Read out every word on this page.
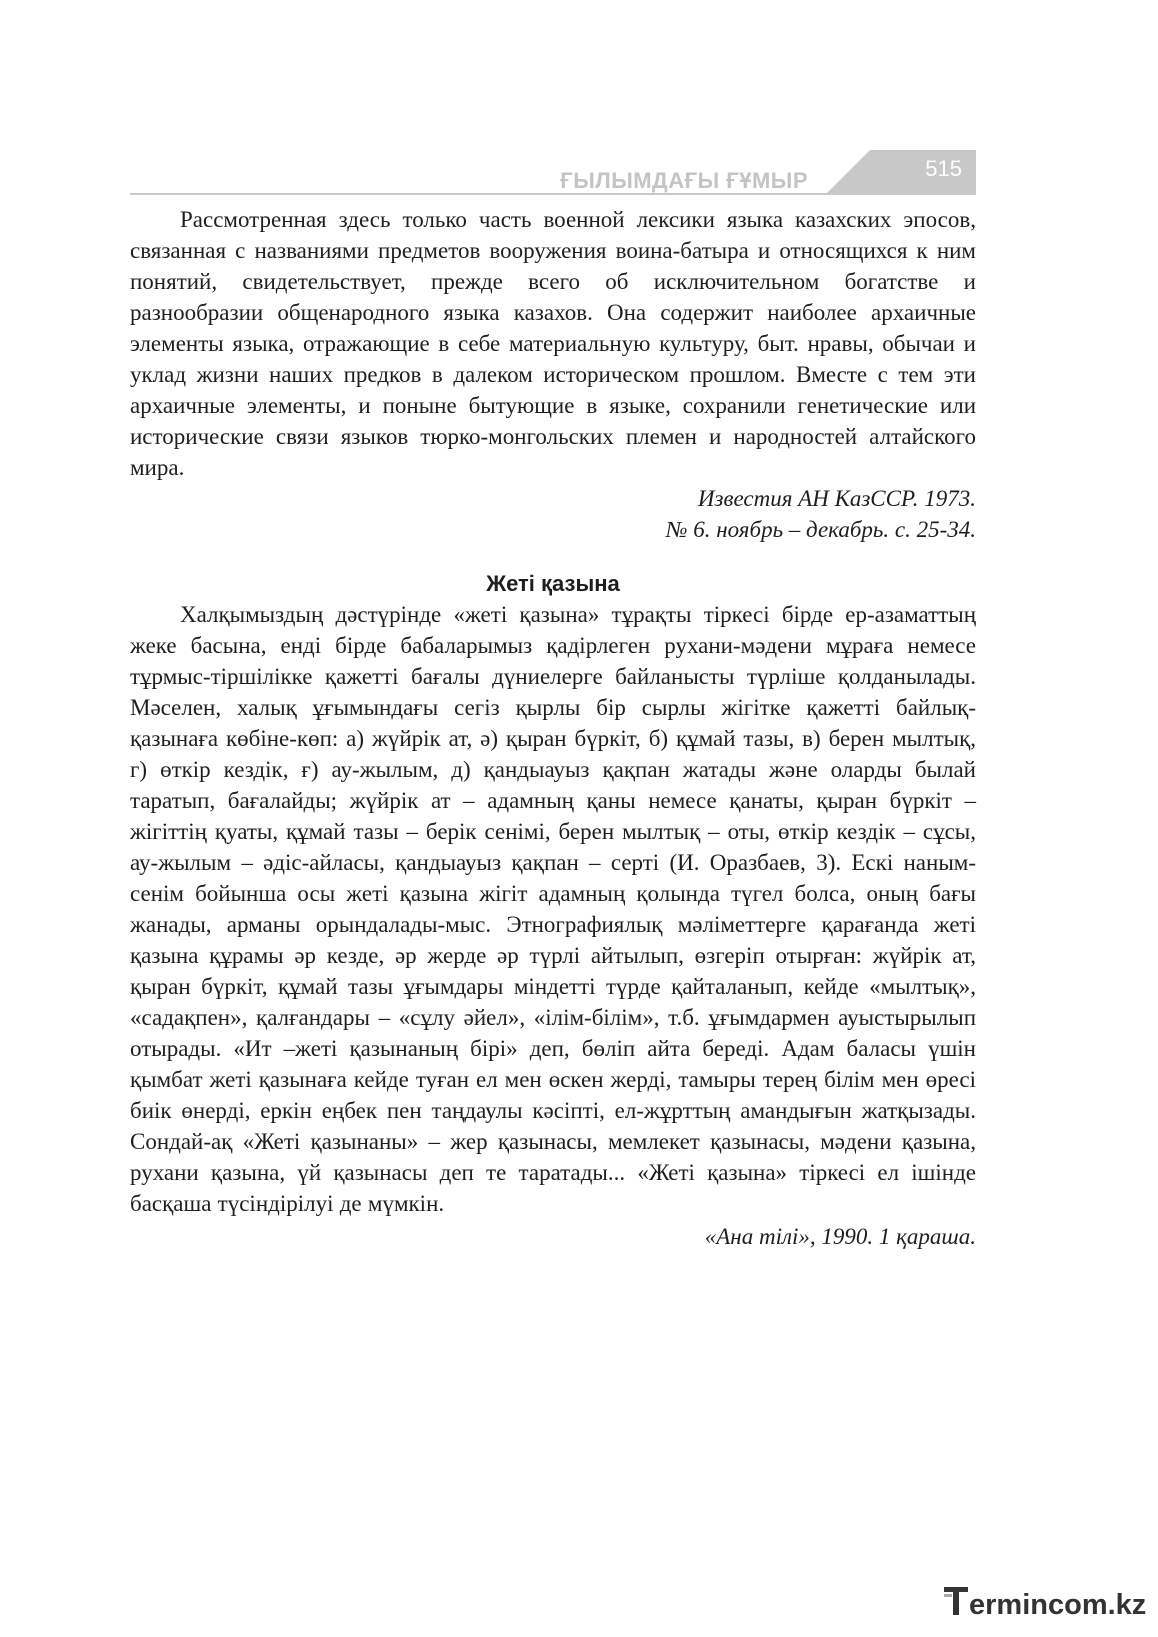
ҒЫЛЫМДАҒЫ ҒҰМЫР	515

Рассмотренная здесь только часть военной лексики языка казахских эпосов, связанная с названиями предметов вооружения воина-батыра и относящихся к ним понятий, свидетельствует, прежде всего об исключительном богатстве и разнообразии общенародного языка казахов. Она содержит наиболее архаичные элементы языка, отражающие в себе материальную культуру, быт. нравы, обычаи и уклад жизни наших предков в далеком историческом прошлом. Вместе с тем эти архаичные элементы, и поныне бытующие в языке, сохранили генетические или исторические связи языков тюрко-монгольских племен и народностей алтайского мира.

Известия АН КазССР. 1973.
№ 6. ноябрь – декабрь. с. 25-34.
Жеті қазына

Халқымыздың дәстүрінде «жеті қазына» тұрақты тіркесі бірде ер-азаматтың жеке басына, енді бірде бабаларымыз қадірлеген рухани-мәдени мұраға немесе тұрмыс-тіршілікке қажетті бағалы дүниелерге байланысты түрліше қолданылады. Мәселен, халық ұғымындағы сегіз қырлы бір сырлы жігітке қажетті байлық-қазынаға көбіне-көп: а) жүйрік ат, ә) қыран бүркіт, б) құмай тазы, в) берен мылтық, г) өткір кездік, ғ) ау-жылым, д) қандыауыз қақпан жатады және оларды былай таратып, бағалайды; жүйрік ат – адамның қаны немесе қанаты, қыран бүркіт – жігіттің қуаты, құмай тазы – берік сенімі, берен мылтық – оты, өткір кездік – сұсы, ау-жылым – әдіс-айласы, қандыауыз қақпан – серті (И. Оразбаев, 3). Ескі наным-сенім бойынша осы жеті қазына жігіт адамның қолында түгел болса, оның бағы жанады, арманы орындалады-мыс. Этнографиялық мәліметтерге қарағанда жеті қазына құрамы әр кезде, әр жерде әр түрлі айтылып, өзгеріп отырған: жүйрік ат, қыран бүркіт, құмай тазы ұғымдары міндетті түрде қайталанып, кейде «мылтық», «садақпен», қалғандары – «сұлу әйел», «ілім-білім», т.б. ұғымдармен ауыстырылып отырады. «Ит –жеті қазынаның бірі» деп, бөліп айта береді. Адам баласы үшін қымбат жеті қазынаға кейде туған ел мен өскен жерді, тамыры терең білім мен өресі биік өнерді, еркін еңбек пен таңдаулы кәсіпті, ел-жұрттың амандығын жатқызады. Сондай-ақ «Жеті қазынаны» – жер қазынасы, мемлекет қазынасы, мәдени қазына, рухани қазына, үй қазынасы деп те таратады... «Жеті қазына» тіркесі ел ішінде басқаша түсіндірілуі де мүмкін.

«Ана тілі», 1990. 1 қараша.
ermincom.kz
